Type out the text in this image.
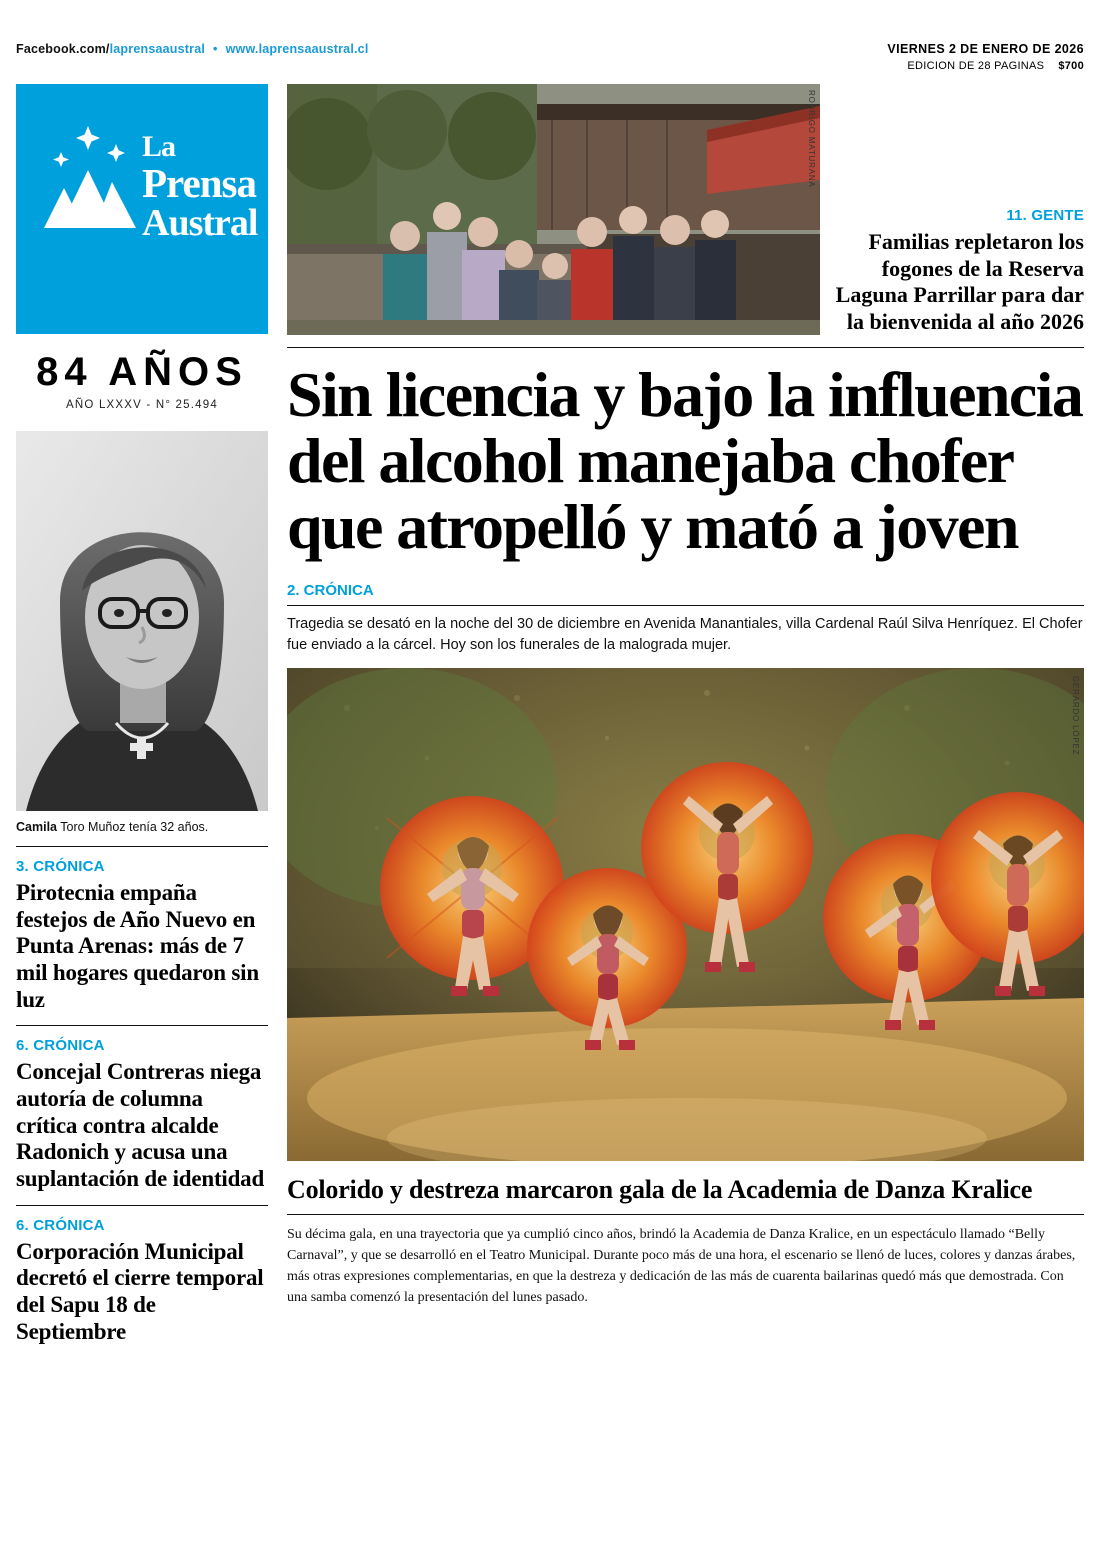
Facebook.com/laprensaaustral • www.laprensaaustral.cl	VIERNES 2 DE ENERO DE 2026
EDICION DE 28 PAGINAS $700
La
Prensa
Austral
84 AÑOS
AÑO LXXXV - N° 25.494
Camila Toro Muñoz tenía 32 años.
3. CRÓNICA
Pirotecnia empaña festejos de Año Nuevo en Punta Arenas: más de 7 mil hogares quedaron sin luz
6. CRÓNICA
Concejal Contreras niega autoría de columna crítica contra alcalde Radonich y acusa una suplantación de identidad
6. CRÓNICA
Corporación Municipal decretó el cierre temporal del Sapu 18 de Septiembre
RODRIGO MATURANA
11. GENTE
Familias repletaron los fogones de la Reserva Laguna Parrillar para dar la bienvenida al año 2026
Sin licencia y bajo la influencia del alcohol manejaba chofer que atropelló y mató a joven
2. CRÓNICA
Tragedia se desató en la noche del 30 de diciembre en Avenida Manantiales, villa Cardenal Raúl Silva Henríquez. El Chofer fue enviado a la cárcel. Hoy son los funerales de la malograda mujer.
GERARDO LÓPEZ
Colorido y destreza marcaron gala de la Academia de Danza Kralice
Su décima gala, en una trayectoria que ya cumplió cinco años, brindó la Academia de Danza Kralice, en un espectáculo llamado “Belly Carnaval”, y que se desarrolló en el Teatro Municipal. Durante poco más de una hora, el escenario se llenó de luces, colores y danzas árabes, más otras expresiones complementarias, en que la destreza y dedicación de las más de cuarenta bailarinas quedó más que demostrada. Con una samba comenzó la presentación del lunes pasado.
